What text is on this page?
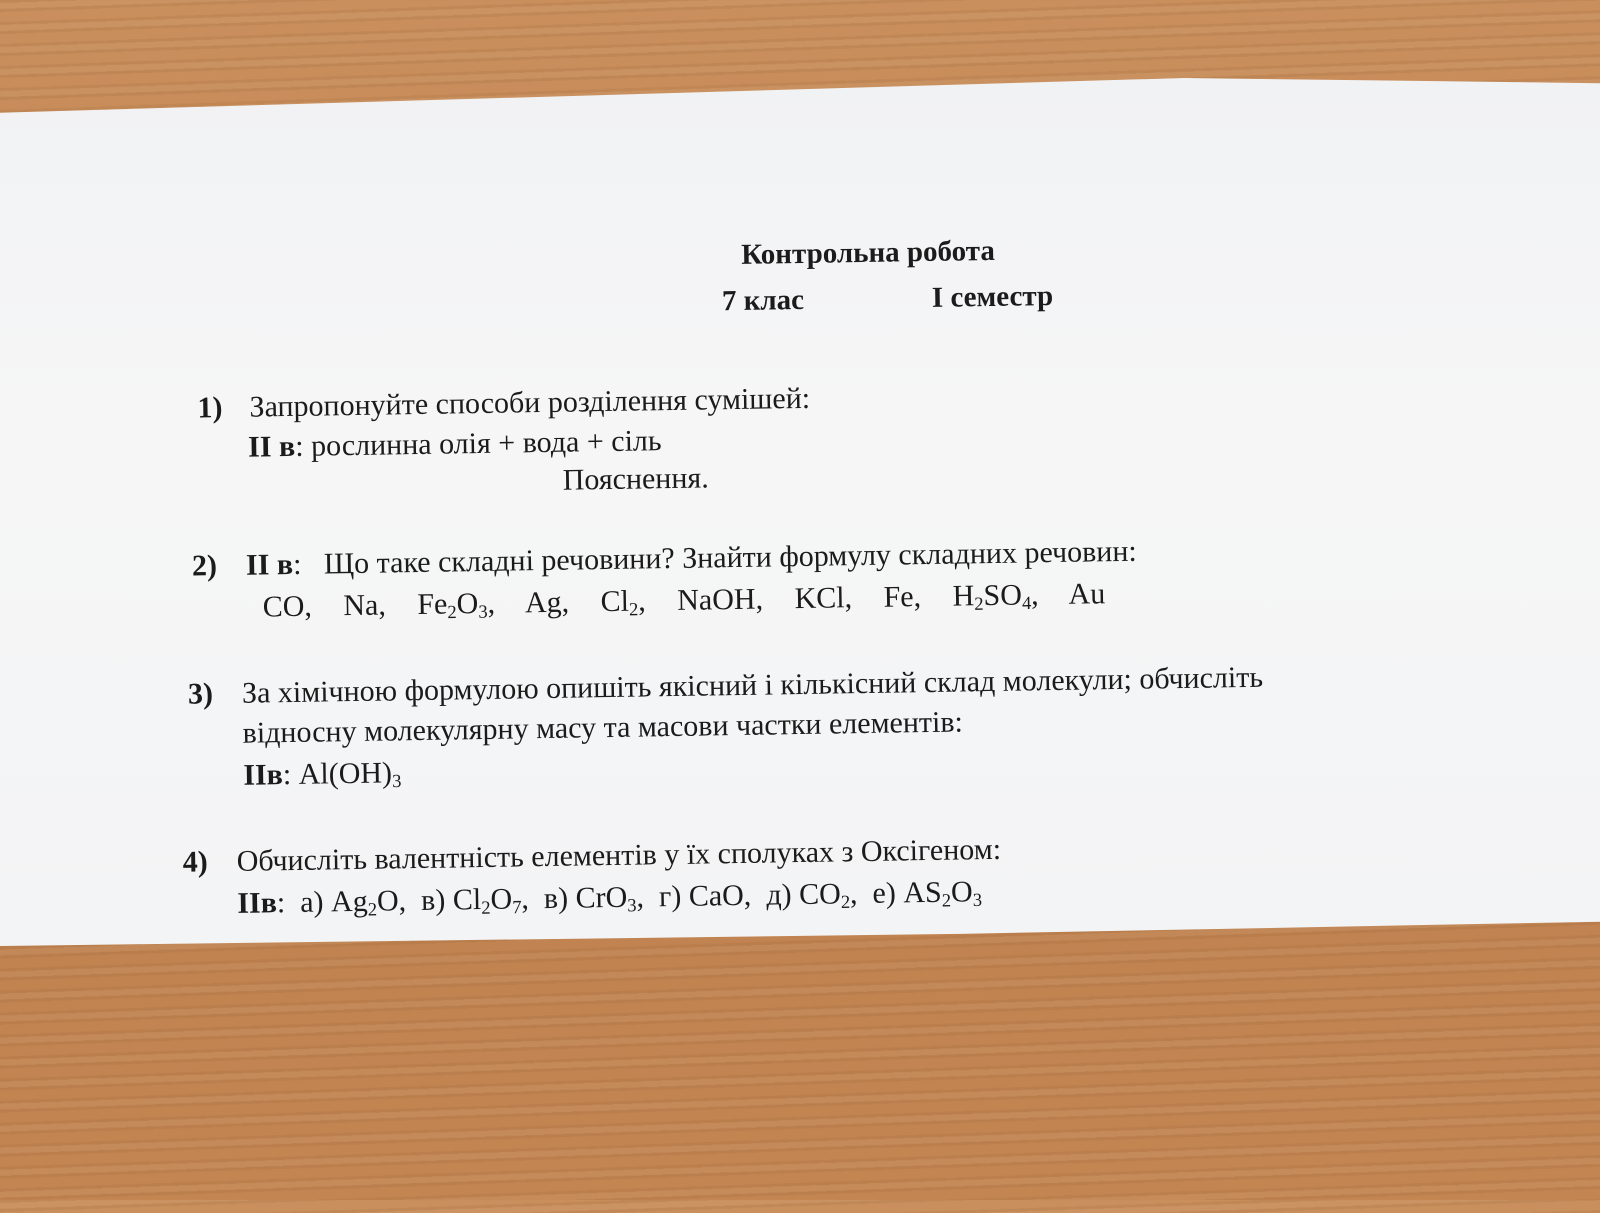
Контрольна робота
7 клас	І семестр
1) Запропонуйте способи розділення сумішей:
ІІ в: рослинна олія + вода + сіль
Пояснення.
2) ІІ в:   Що таке складні речовини? Знайти формулу складних речовин:
CO, Na, $Fe_2O_3$, Ag, $Cl_2$, NaOH, KCl, Fe, $H_2SO_4$, Au
3) За хімічною формулою опишіть якісний і кількісний склад молекули; обчисліть
відносну молекулярну масу та масови частки елементів:
ІІв: $Al(OH)_3$
4) Обчисліть валентність елементів у їх сполуках з Оксігеном:
ІІв:  а) $Ag_2O$, в) $Cl_2O_7$, в) CrO$_3$, г) CaO, д) $CO_2$, е) $AS_2O_3$
